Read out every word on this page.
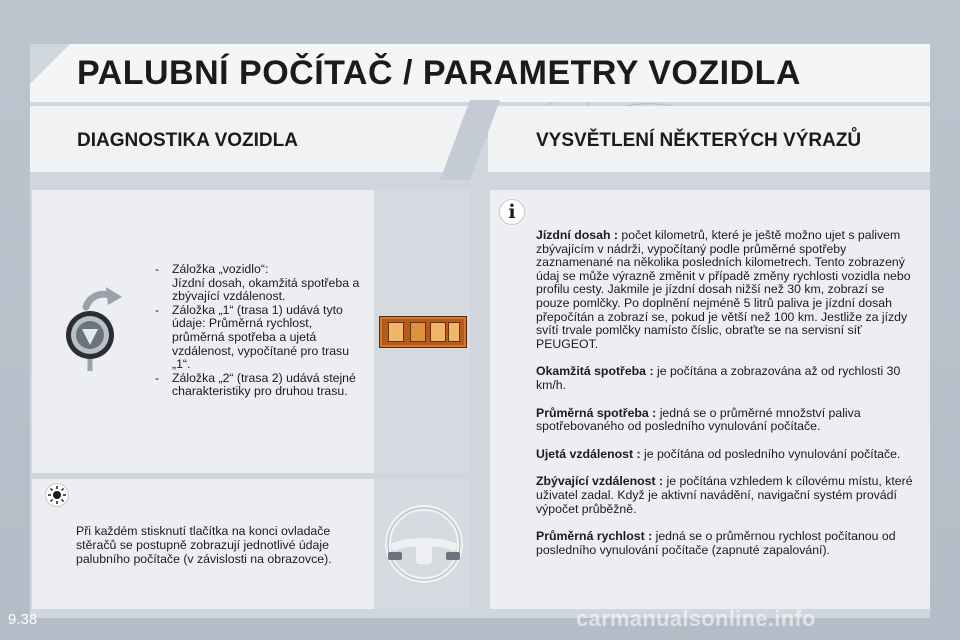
PALUBNÍ POČÍTAČ / PARAMETRY VOZIDLA
DIAGNOSTIKA VOZIDLA	VYSVĚTLENÍ NĚKTERÝCH VÝRAZŮ
- Záložka „vozidlo“:
Jízdní dosah, okamžitá spotřeba a zbývající vzdálenost.
- Záložka „1“ (trasa 1) udává tyto
údaje: Průměrná rychlost, průměrná spotřeba a ujetá vzdálenost, vypočítané pro trasu „1“.
- Záložka „2“ (trasa 2) udává stejné
charakteristiky pro druhou trasu.
Při každém stisknutí tlačítka na konci ovladače stěračů se postupně zobrazují jednotlivé údaje palubního počítače (v závislosti na obrazovce).
i

Jízdní dosah : počet kilometrů, které je ještě možno ujet s palivem zbývajícím v nádrži, vypočítaný podle průměrné spotřeby zaznamenané na několika posledních kilometrech. Tento zobrazený údaj se může výrazně změnit v případě změny rychlosti vozidla nebo profilu cesty. Jakmile je jízdní dosah nižší než 30 km, zobrazí se pouze pomlčky. Po doplnění nejméně 5 litrů paliva je jízdní dosah přepočítán a zobrazí se, pokud je větší než 100 km. Jestliže za jízdy svítí trvale pomlčky namísto číslic, obraťte se na servisní síť PEUGEOT.

Okamžitá spotřeba : je počítána a zobrazována až od rychlosti 30 km/h.

Průměrná spotřeba : jedná se o průměrné množství paliva spotřebovaného od posledního vynulování počítače.

Ujetá vzdálenost : je počítána od posledního vynulování počítače.

Zbývající vzdálenost : je počítána vzhledem k cílovému místu, které uživatel zadal. Když je aktivní navádění, navigační systém provádí výpočet průběžně.

Průměrná rychlost : jedná se o průměrnou rychlost počítanou od posledního vynulování počítače (zapnuté zapalování).

9.38	carmanualsonline.info
